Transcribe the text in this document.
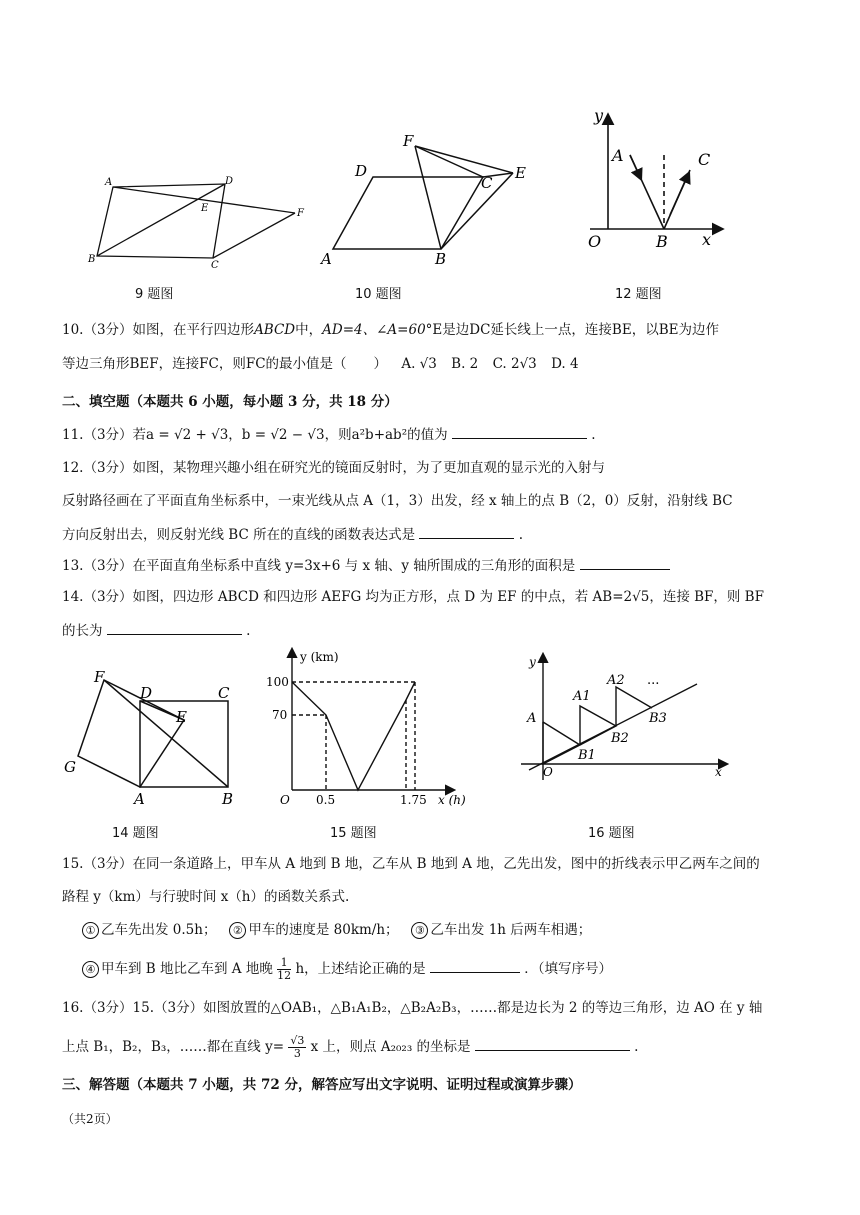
A	D
E	F
B
C
9 题图
F
D
C
E
A	B
10 题图
y
A	C
O	B x
12 题图
10.（3分）如图，在平行四边形ABCD中，AD=4、∠A=60°E是边DC延长线上一点，连接BE，以BE为边作
等边三角形BEF，连接FC，则FC的最小值是（　　） A. √3 B. 2 C. 2√3 D. 4
二、填空题（本题共 6 小题，每小题 3 分，共 18 分）
11.（3分）若a = √2 + √3，b = √2 − √3，则a²b+ab²的值为	.
12.（3分）如图，某物理兴趣小组在研究光的镜面反射时，为了更加直观的显示光的入射与
反射路径画在了平面直角坐标系中，一束光线从点 A（1，3）出发，经 x 轴上的点 B（2，0）反射，沿射线 BC
方向反射出去，则反射光线 BC 所在的直线的函数表达式是	.
13.（3分）在平面直角坐标系中直线 y=3x+6 与 x 轴、y 轴所围成的三角形的面积是
14.（3分）如图，四边形 ABCD 和四边形 AEFG 均为正方形，点 D 为 EF 的中点，若 AB=2√5，连接 BF，则 BF
的长为	.
F
D	C
E
G
A	B
14 题图
y (km)
100
70
O 0.5	1.75 x (h)
15 题图
y
A
A1
A2 ...
B1
B2
B3
O	x
16 题图
15.（3分）在同一条道路上，甲车从 A 地到 B 地，乙车从 B 地到 A 地，乙先出发，图中的折线表示甲乙两车之间的
路程 y（km）与行驶时间 x（h）的函数关系式.
① 乙车先出发 0.5h； ② 甲车的速度是 80km/h； ③ 乙车出发 1h 后两车相遇；
④ 甲车到 B 地比乙车到 A 地晚 $\frac{1}{12}$ h，上述结论正确的是	．（填写序号）
16.（3分）15.（3分）如图放置的△OAB₁，△B₁A₁B₂，△B₂A₂B₃，……都是边长为 2 的等边三角形，边 AO 在 y 轴
上点 B₁，B₂，B₃，……都在直线 $y= \frac{√3}{3}$ x 上，则点 A₂₀₂₃ 的坐标是	.
三、解答题（本题共 7 小题，共 72 分，解答应写出文字说明、证明过程或演算步骤）
（共2页）
